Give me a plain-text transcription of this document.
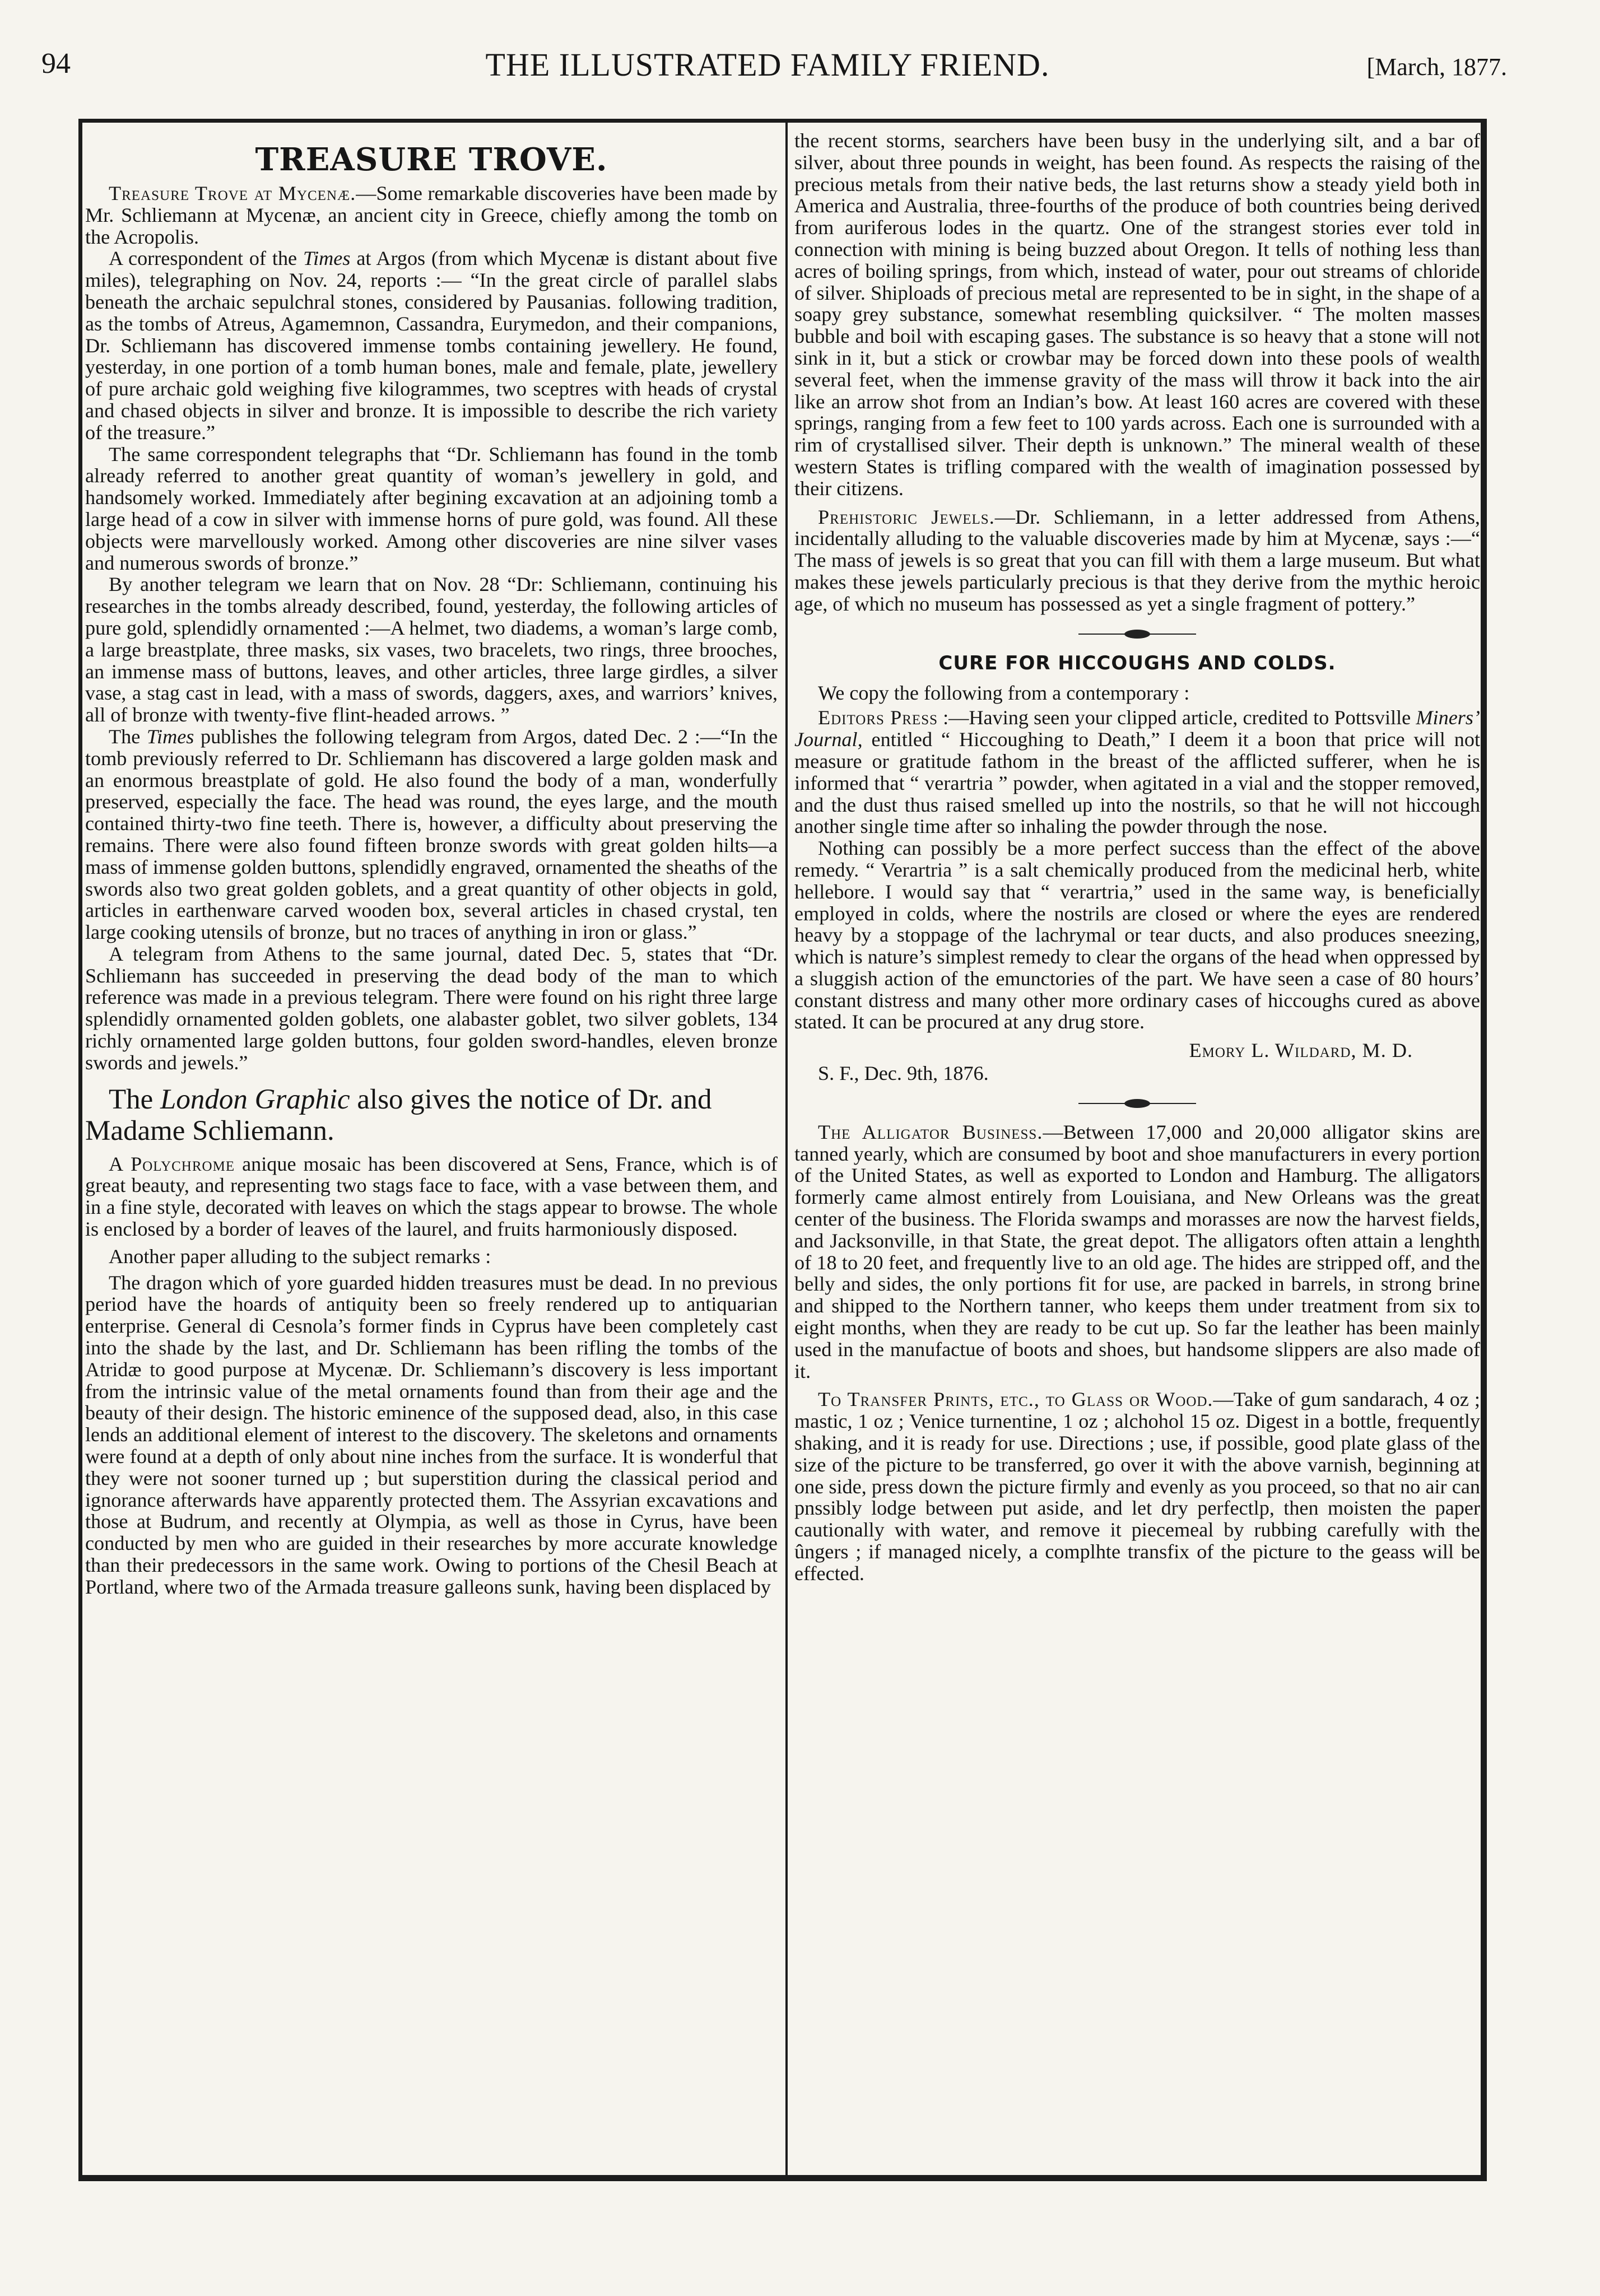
94	THE ILLUSTRATED FAMILY FRIEND.	[March, 1877.
TREASURE TROVE.

Treasure Trove at Mycenæ.—Some remarkable discoveries have been made by Mr. Schliemann at Mycenæ, an ancient city in Greece, chiefly among the tomb on the Acropolis.

A correspondent of the Times at Argos (from which Mycenæ is distant about five miles), telegraphing on Nov. 24, reports :— “In the great circle of parallel slabs beneath the archaic sepulchral stones, considered by Pausanias. following tradition, as the tombs of Atreus, Agamemnon, Cassandra, Eurymedon, and their companions, Dr. Schliemann has discovered immense tombs containing jewellery. He found, yesterday, in one portion of a tomb human bones, male and female, plate, jewellery of pure archaic gold weighing five kilogrammes, two sceptres with heads of crystal and chased objects in silver and bronze. It is impossible to describe the rich variety of the treasure.”

The same correspondent telegraphs that “Dr. Schliemann has found in the tomb already referred to another great quantity of woman’s jewellery in gold, and handsomely worked. Immediately after begining excavation at an adjoining tomb a large head of a cow in silver with immense horns of pure gold, was found. All these objects were marvellously worked. Among other discoveries are nine silver vases and numerous swords of bronze.”

By another telegram we learn that on Nov. 28 “Dr: Schliemann, continuing his researches in the tombs already described, found, yesterday, the following articles of pure gold, splendidly ornamented :—A helmet, two diadems, a woman’s large comb, a large breastplate, three masks, six vases, two bracelets, two rings, three brooches, an immense mass of buttons, leaves, and other articles, three large girdles, a silver vase, a stag cast in lead, with a mass of swords, daggers, axes, and warriors’ knives, all of bronze with twenty-five flint-headed arrows. ”

The Times publishes the following telegram from Argos, dated Dec. 2 :—“In the tomb previously referred to Dr. Schliemann has discovered a large golden mask and an enormous breastplate of gold. He also found the body of a man, wonderfully preserved, especially the face. The head was round, the eyes large, and the mouth contained thirty-two fine teeth. There is, however, a difficulty about preserving the remains. There were also found fifteen bronze swords with great golden hilts—a mass of immense golden buttons, splendidly engraved, ornamented the sheaths of the swords also two great golden goblets, and a great quantity of other objects in gold, articles in earthenware carved wooden box, several articles in chased crystal, ten large cooking utensils of bronze, but no traces of anything in iron or glass.”

A telegram from Athens to the same journal, dated Dec. 5, states that “Dr. Schliemann has succeeded in preserving the dead body of the man to which reference was made in a previous telegram. There were found on his right three large splendidly ornamented golden goblets, one alabaster goblet, two silver goblets, 134 richly ornamented large golden buttons, four golden sword-handles, eleven bronze swords and jewels.”

The London Graphic also gives the notice of Dr. and Madame Schliemann.

A Polychrome anique mosaic has been discovered at Sens, France, which is of great beauty, and representing two stags face to face, with a vase between them, and in a fine style, decorated with leaves on which the stags appear to browse. The whole is enclosed by a border of leaves of the laurel, and fruits harmoniously disposed.

Another paper alluding to the subject remarks :

The dragon which of yore guarded hidden treasures must be dead. In no previous period have the hoards of antiquity been so freely rendered up to antiquarian enterprise. General di Cesnola’s former finds in Cyprus have been completely cast into the shade by the last, and Dr. Schliemann has been rifling the tombs of the Atridæ to good purpose at Mycenæ. Dr. Schliemann’s discovery is less important from the intrinsic value of the metal ornaments found than from their age and the beauty of their design. The historic eminence of the supposed dead, also, in this case lends an additional element of interest to the discovery. The skeletons and ornaments were found at a depth of only about nine inches from the surface. It is wonderful that they were not sooner turned up ; but superstition during the classical period and ignorance afterwards have apparently protected them. The Assyrian excavations and those at Budrum, and recently at Olympia, as well as those in Cyrus, have been conducted by men who are guided in their researches by more accurate knowledge than their predecessors in the same work. Owing to portions of the Chesil Beach at Portland, where two of the Armada treasure galleons sunk, having been displaced by

the recent storms, searchers have been busy in the underlying silt, and a bar of silver, about three pounds in weight, has been found. As respects the raising of the precious metals from their native beds, the last returns show a steady yield both in America and Australia, three-fourths of the produce of both countries being derived from auriferous lodes in the quartz. One of the strangest stories ever told in connection with mining is being buzzed about Oregon. It tells of nothing less than acres of boiling springs, from which, instead of water, pour out streams of chloride of silver. Shiploads of precious metal are represented to be in sight, in the shape of a soapy grey substance, somewhat resembling quicksilver. “ The molten masses bubble and boil with escaping gases. The substance is so heavy that a stone will not sink in it, but a stick or crowbar may be forced down into these pools of wealth several feet, when the immense gravity of the mass will throw it back into the air like an arrow shot from an Indian’s bow. At least 160 acres are covered with these springs, ranging from a few feet to 100 yards across. Each one is surrounded with a rim of crystallised silver. Their depth is unknown.” The mineral wealth of these western States is trifling compared with the wealth of imagination possessed by their citizens.

Prehistoric Jewels.—Dr. Schliemann, in a letter addressed from Athens, incidentally alluding to the valuable discoveries made by him at Mycenæ, says :—“ The mass of jewels is so great that you can fill with them a large museum. But what makes these jewels particularly precious is that they derive from the mythic heroic age, of which no museum has possessed as yet a single fragment of pottery.”

CURE FOR HICCOUGHS AND COLDS.

We copy the following from a contemporary :

Editors Press :—Having seen your clipped article, credited to Pottsville Miners’ Journal, entitled “ Hiccoughing to Death,” I deem it a boon that price will not measure or gratitude fathom in the breast of the afflicted sufferer, when he is informed that “ verartria ” powder, when agitated in a vial and the stopper removed, and the dust thus raised smelled up into the nostrils, so that he will not hiccough another single time after so inhaling the powder through the nose.

Nothing can possibly be a more perfect success than the effect of the above remedy. “ Verartria ” is a salt chemically produced from the medicinal herb, white hellebore. I would say that “ verartria,” used in the same way, is beneficially employed in colds, where the nostrils are closed or where the eyes are rendered heavy by a stoppage of the lachrymal or tear ducts, and also produces sneezing, which is nature’s simplest remedy to clear the organs of the head when oppressed by a sluggish action of the emunctories of the part. We have seen a case of 80 hours’ constant distress and many other more ordinary cases of hiccoughs cured as above stated. It can be procured at any drug store.

Emory L. Wildard, M. D.

S. F., Dec. 9th, 1876.

The Alligator Business.—Between 17,000 and 20,000 alligator skins are tanned yearly, which are consumed by boot and shoe manufacturers in every portion of the United States, as well as exported to London and Hamburg. The alligators formerly came almost entirely from Louisiana, and New Orleans was the great center of the business. The Florida swamps and morasses are now the harvest fields, and Jacksonville, in that State, the great depot. The alligators often attain a lenghth of 18 to 20 feet, and frequently live to an old age. The hides are stripped off, and the belly and sides, the only portions fit for use, are packed in barrels, in strong brine and shipped to the Northern tanner, who keeps them under treatment from six to eight months, when they are ready to be cut up. So far the leather has been mainly used in the manufactue of boots and shoes, but handsome slippers are also made of it.

To Transfer Prints, etc., to Glass or Wood.—Take of gum sandarach, 4 oz ; mastic, 1 oz ; Venice turnentine, 1 oz ; alchohol 15 oz. Digest in a bottle, frequently shaking, and it is ready for use. Directions ; use, if possible, good plate glass of the size of the picture to be transferred, go over it with the above varnish, beginning at one side, press down the picture firmly and evenly as you proceed, so that no air can pnssibly lodge between put aside, and let dry perfectlp, then moisten the paper cautionally with water, and remove it piecemeal by rubbing carefully with the ûngers ; if managed nicely, a complhte transfix of the picture to the geass will be effected.
